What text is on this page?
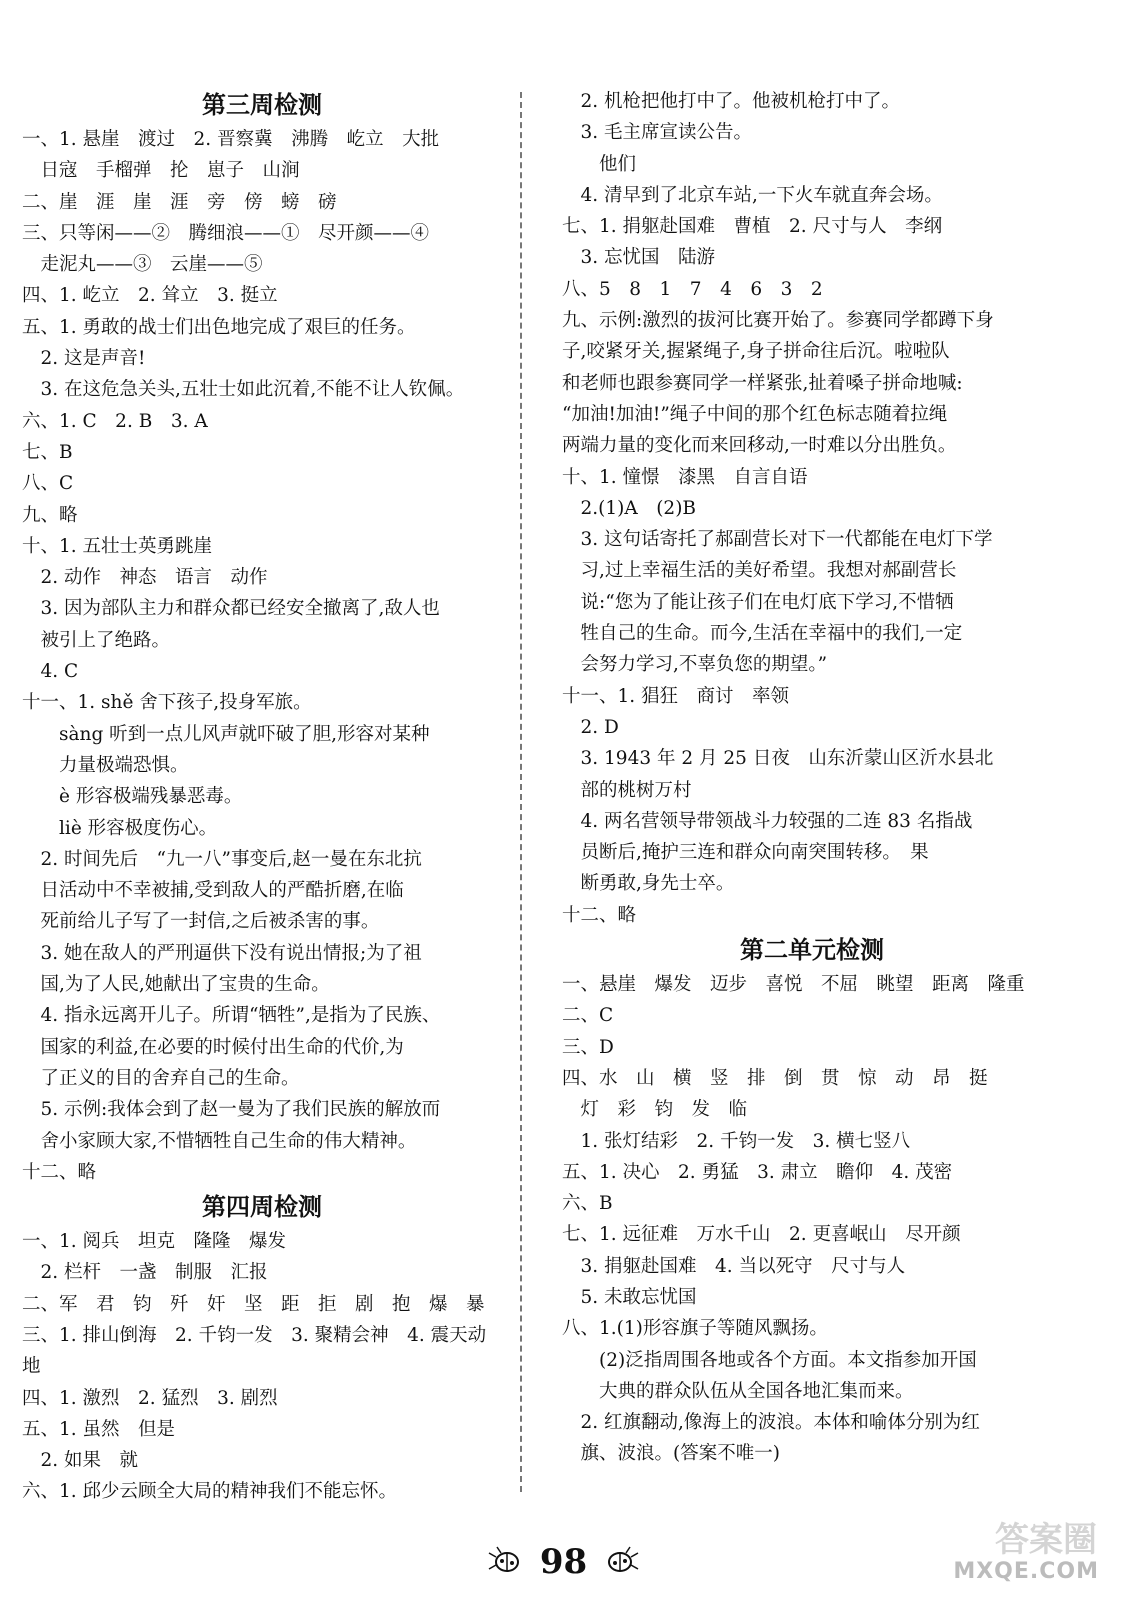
第三周检测
一、1. 悬崖　渡过　2. 晋察冀　沸腾　屹立　大批
　日寇　手榴弹　抡　崽子　山涧
二、崖　涯　崖　涯　旁　傍　螃　磅
三、只等闲——②　腾细浪——①　尽开颜——④
　走泥丸——③　云崖——⑤
四、1. 屹立　2. 耸立　3. 挺立
五、1. 勇敢的战士们出色地完成了艰巨的任务。
　2. 这是声音!
　3. 在这危急关头,五壮士如此沉着,不能不让人钦佩。
六、1. C　2. B　3. A
七、B
八、C
九、略
十、1. 五壮士英勇跳崖
　2. 动作　神态　语言　动作
　3. 因为部队主力和群众都已经安全撤离了,敌人也
　被引上了绝路。
　4. C
十一、1. shě 舍下孩子,投身军旅。
　　sàng 听到一点儿风声就吓破了胆,形容对某种
　　力量极端恐惧。
　　è 形容极端残暴恶毒。
　　liè 形容极度伤心。
　2. 时间先后　“九一八”事变后,赵一曼在东北抗
　日活动中不幸被捕,受到敌人的严酷折磨,在临
　死前给儿子写了一封信,之后被杀害的事。
　3. 她在敌人的严刑逼供下没有说出情报;为了祖
　国,为了人民,她献出了宝贵的生命。
　4. 指永远离开儿子。所谓“牺牲”,是指为了民族、
　国家的利益,在必要的时候付出生命的代价,为
　了正义的目的舍弃自己的生命。
　5. 示例:我体会到了赵一曼为了我们民族的解放而
　舍小家顾大家,不惜牺牲自己生命的伟大精神。
十二、略
第四周检测
一、1. 阅兵　坦克　隆隆　爆发
　2. 栏杆　一盏　制服　汇报
二、军　君　钧　歼　奸　坚　距　拒　剧　抱　爆　暴
三、1. 排山倒海　2. 千钧一发　3. 聚精会神　4. 震天动地
四、1. 激烈　2. 猛烈　3. 剧烈
五、1. 虽然　但是
　2. 如果　就
六、1. 邱少云顾全大局的精神我们不能忘怀。
　2. 机枪把他打中了。他被机枪打中了。
　3. 毛主席宣读公告。
　　他们
　4. 清早到了北京车站,一下火车就直奔会场。
七、1. 捐躯赴国难　曹植　2. 尺寸与人　李纲
　3. 忘忧国　陆游
八、5　8　1　7　4　6　3　2
九、示例:激烈的拔河比赛开始了。参赛同学都蹲下身
子,咬紧牙关,握紧绳子,身子拼命往后沉。啦啦队
和老师也跟参赛同学一样紧张,扯着嗓子拼命地喊:
“加油!加油!”绳子中间的那个红色标志随着拉绳
两端力量的变化而来回移动,一时难以分出胜负。
十、1. 憧憬　漆黑　自言自语
　2.(1)A　(2)B
　3. 这句话寄托了郝副营长对下一代都能在电灯下学
　习,过上幸福生活的美好希望。我想对郝副营长
　说:“您为了能让孩子们在电灯底下学习,不惜牺
　牲自己的生命。而今,生活在幸福中的我们,一定
　会努力学习,不辜负您的期望。”
十一、1. 猖狂　商讨　率领
　2. D
　3. 1943 年 2 月 25 日夜　山东沂蒙山区沂水县北
　部的桃树万村
　4. 两名营领导带领战斗力较强的二连 83 名指战
　员断后,掩护三连和群众向南突围转移。　果
　断勇敢,身先士卒。
十二、略
第二单元检测
一、悬崖　爆发　迈步　喜悦　不屈　眺望　距离　隆重
二、C
三、D
四、水　山　横　竖　排　倒　贯　惊　动　昂　挺
　灯　彩　钧　发　临
　1. 张灯结彩　2. 千钧一发　3. 横七竖八
五、1. 决心　2. 勇猛　3. 肃立　瞻仰　4. 茂密
六、B
七、1. 远征难　万水千山　2. 更喜岷山　尽开颜
　3. 捐躯赴国难　4. 当以死守　尺寸与人
　5. 未敢忘忧国
八、1.(1)形容旗子等随风飘扬。
　　(2)泛指周围各地或各个方面。本文指参加开国
　　大典的群众队伍从全国各地汇集而来。
　2. 红旗翻动,像海上的波浪。本体和喻体分别为红
　旗、波浪。(答案不唯一)
98
答案圈
MXQE.COM
